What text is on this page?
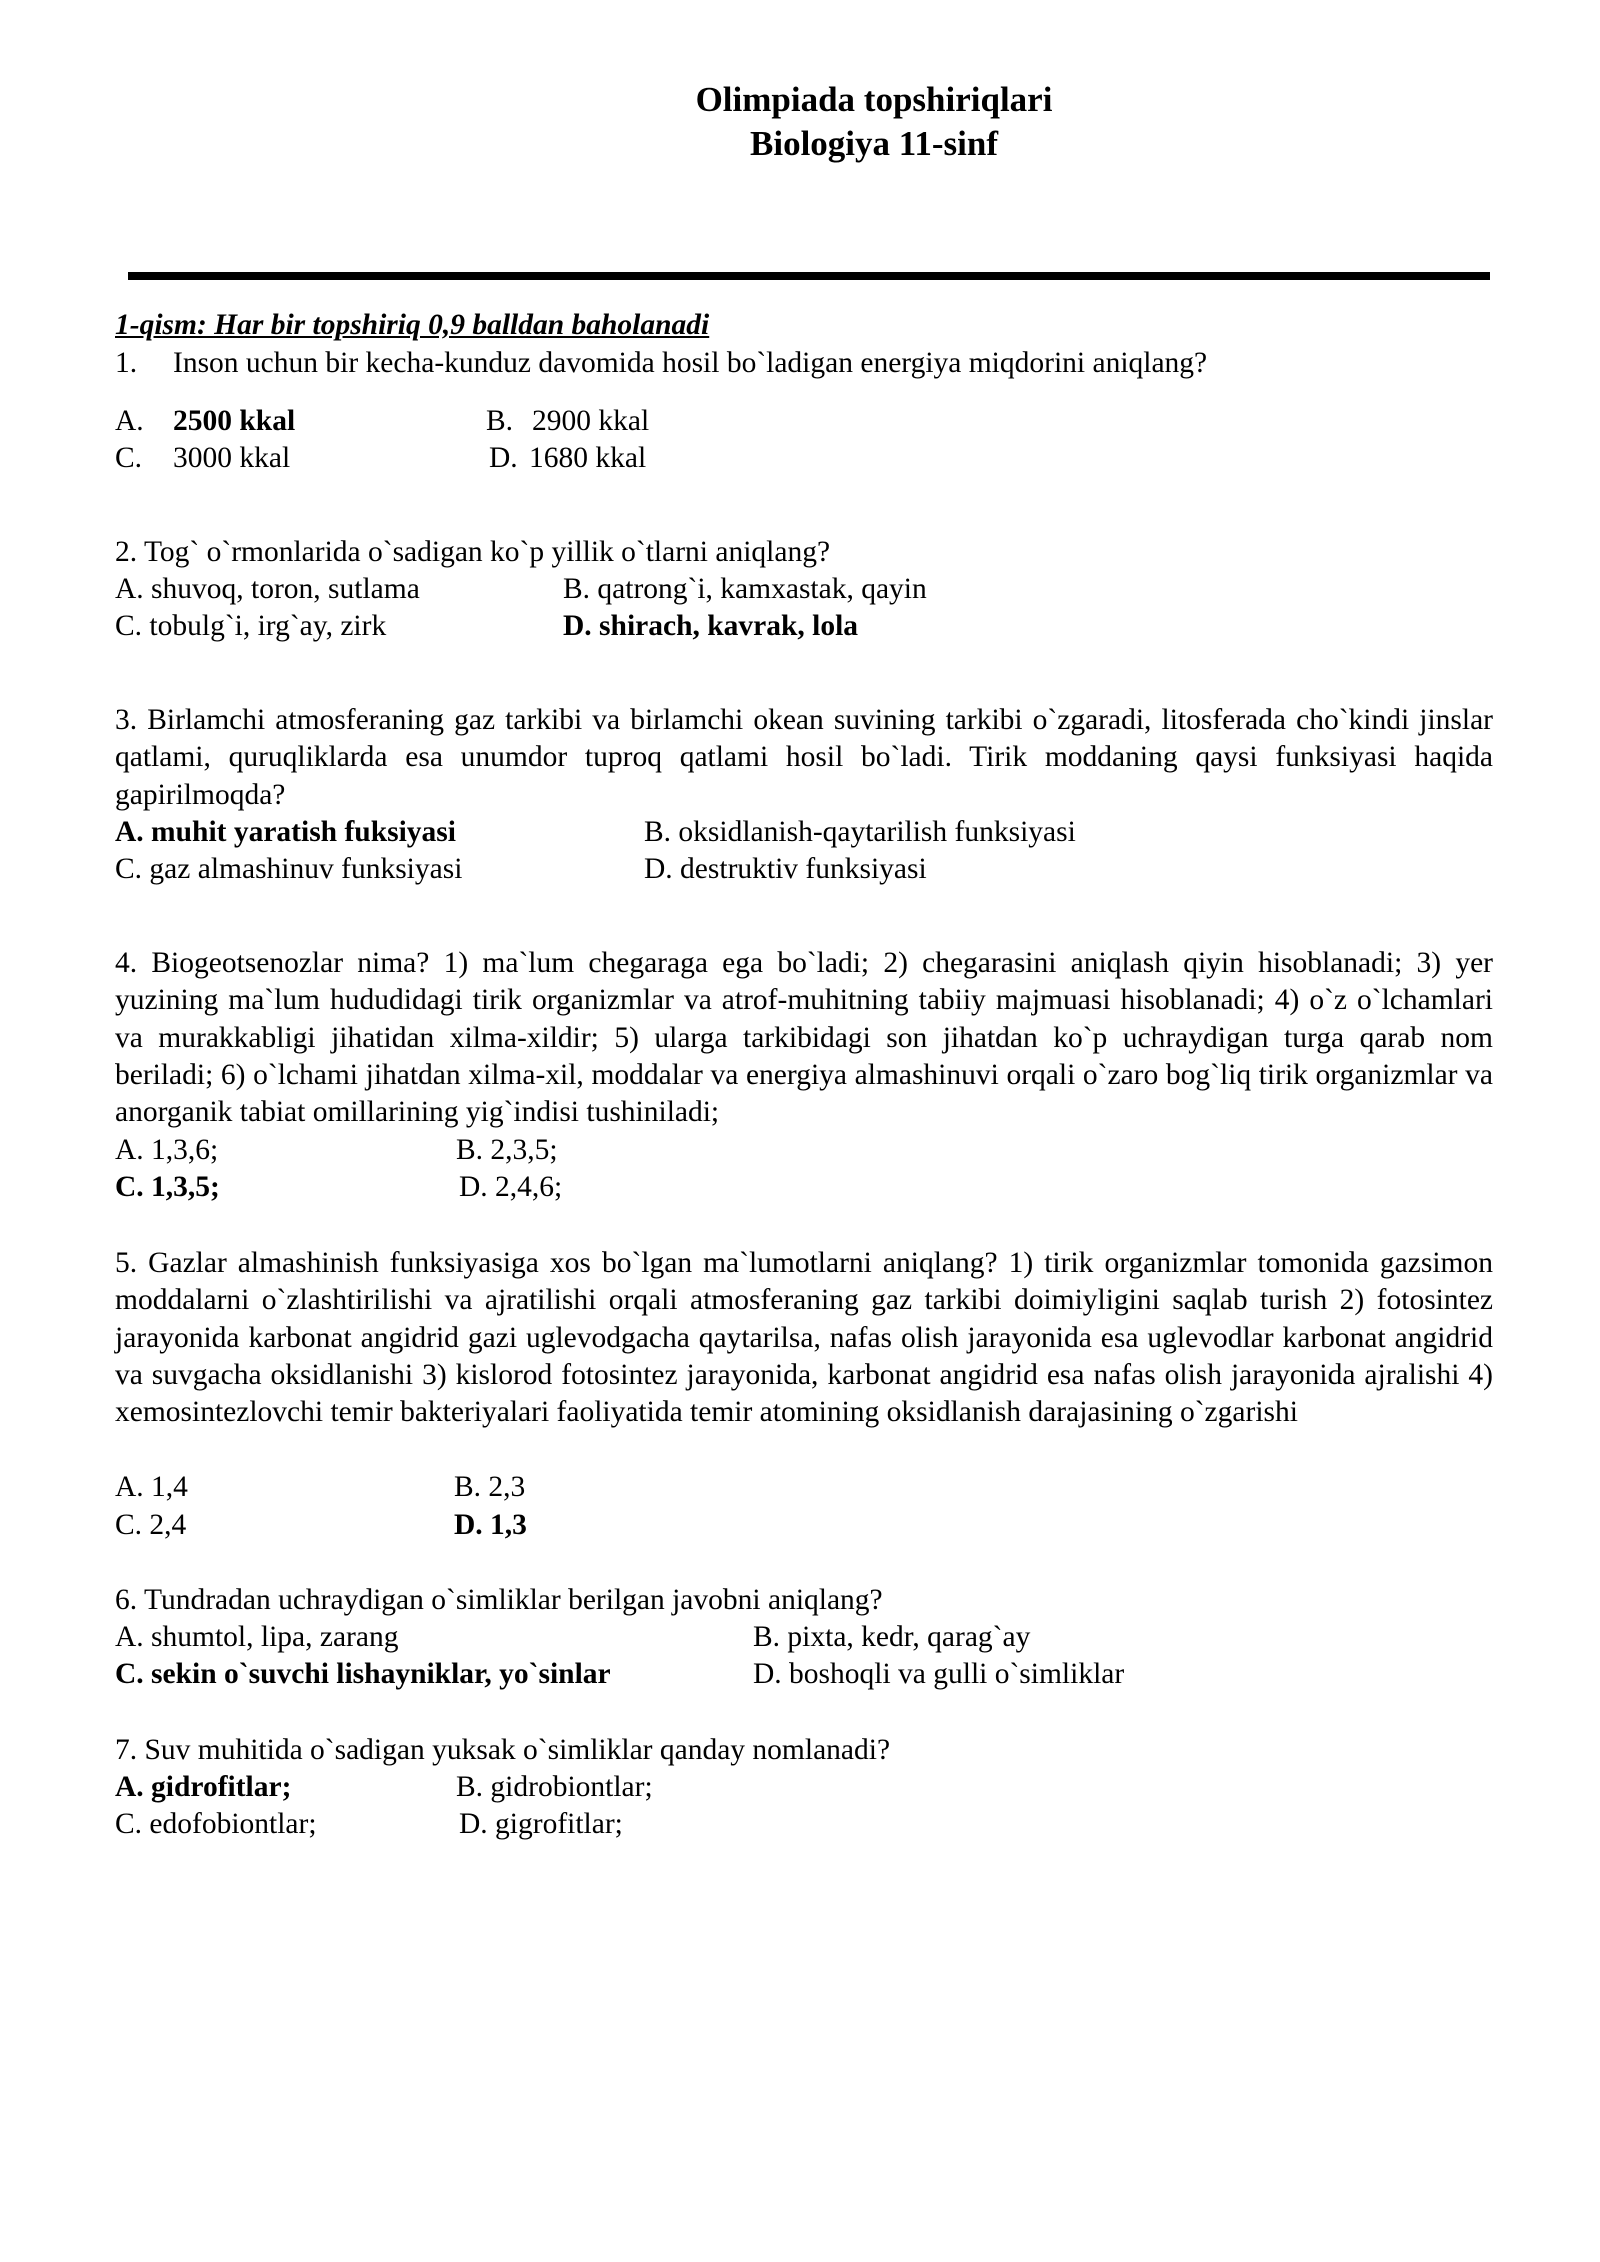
Olimpiada topshiriqlari
Biologiya 11-sinf
1-qism: Har bir topshiriq 0,9 balldan baholanadi
1. Inson uchun bir kecha-kunduz davomida hosil bo`ladigan energiya miqdorini aniqlang?
A. 2500 kkal	B. 2900 kkal
C. 3000 kkal	D. 1680 kkal
2. Tog` o`rmonlarida o`sadigan ko`p yillik o`tlarni aniqlang?
A. shuvoq, toron, sutlama	B. qatrong`i, kamxastak, qayin
C. tobulg`i, irg`ay, zirk	D. shirach, kavrak, lola
3. Birlamchi atmosferaning gaz tarkibi va birlamchi okean suvining tarkibi o`zgaradi, litosferada cho`kindi jinslar qatlami, quruqliklarda esa unumdor tuproq qatlami hosil bo`ladi. Tirik moddaning qaysi funksiyasi haqida gapirilmoqda?
A. muhit yaratish fuksiyasi	B. oksidlanish-qaytarilish funksiyasi
C. gaz almashinuv funksiyasi	D. destruktiv funksiyasi
4. Biogeotsenozlar nima? 1) ma`lum chegaraga ega bo`ladi; 2) chegarasini aniqlash qiyin hisoblanadi; 3) yer yuzining ma`lum hududidagi tirik organizmlar va atrof-muhitning tabiiy majmuasi hisoblanadi; 4) o`z o`lchamlari va murakkabligi jihatidan xilma-xildir; 5) ularga tarkibidagi son jihatdan ko`p uchraydigan turga qarab nom beriladi; 6) o`lchami jihatdan xilma-xil, moddalar va energiya almashinuvi orqali o`zaro bog`liq tirik organizmlar va anorganik tabiat omillarining yig`indisi tushiniladi;
A. 1,3,6;	B. 2,3,5;
C. 1,3,5;	D. 2,4,6;
5. Gazlar almashinish funksiyasiga xos bo`lgan ma`lumotlarni aniqlang? 1) tirik organizmlar tomonida gazsimon moddalarni o`zlashtirilishi va ajratilishi orqali atmosferaning gaz tarkibi doimiyligini saqlab turish 2) fotosintez jarayonida karbonat angidrid gazi uglevodgacha qaytarilsa, nafas olish jarayonida esa uglevodlar karbonat angidrid va suvgacha oksidlanishi 3) kislorod fotosintez jarayonida, karbonat angidrid esa nafas olish jarayonida ajralishi 4) xemosintezlovchi temir bakteriyalari faoliyatida temir atomining oksidlanish darajasining o`zgarishi
A. 1,4	B. 2,3
C. 2,4	D. 1,3
6. Tundradan uchraydigan o`simliklar berilgan javobni aniqlang?
A. shumtol, lipa, zarang	B. pixta, kedr, qarag`ay
C. sekin o`suvchi lishayniklar, yo`sinlar	D. boshoqli va gulli o`simliklar
7. Suv muhitida o`sadigan yuksak o`simliklar qanday nomlanadi?
A. gidrofitlar;	B. gidrobiontlar;
C. edofobiontlar;	D. gigrofitlar;
